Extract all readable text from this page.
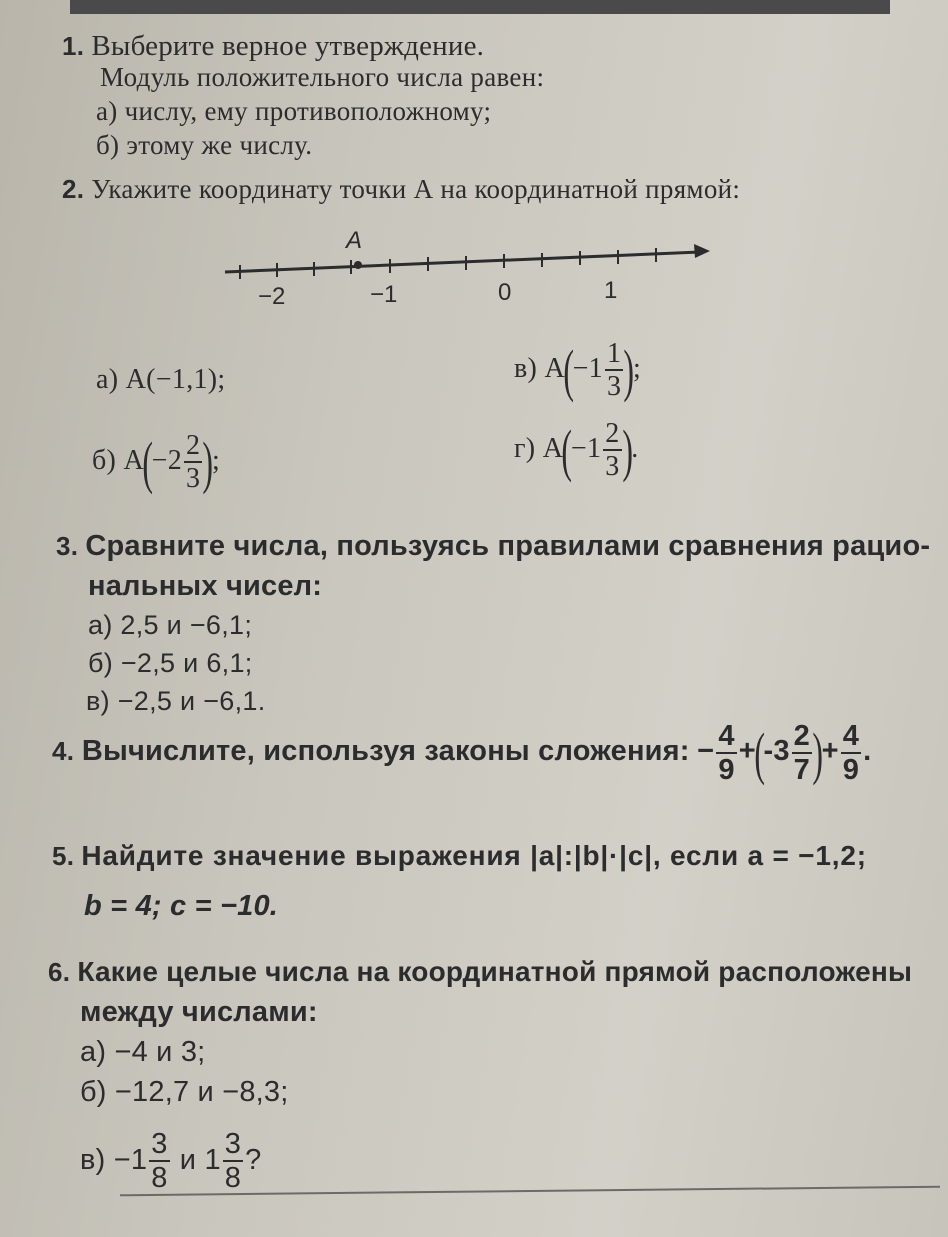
1. Выберите верное утверждение.
Модуль положительного числа равен:
а) числу, ему противоположному;
б) этому же числу.
2. Укажите координату точки А на координатной прямой:
A
−2	−1	0	1
а) A(−1,1);
б) $A(-2 \frac{2}{3}$ );
в) $A(-1 \frac{1}{3}$ );
г) $A(-1 \frac{2}{3}$ ).
3. Сравните числа, пользуясь правилами сравнения рацио-
нальных чисел:
а) 2,5 и −6,1;
б) −2,5 и 6,1;
в) −2,5 и −6,1.
4. Вычислите, используя законы сложения: − $\frac{4}{9} +(-3 \frac{2}{7}$ )+ $\frac{4}{9}$ .
5. Найдите значение выражения |a|:|b|·|c|, если a = −1,2;
b = 4; c = −10.
6. Какие целые числа на координатной прямой расположены
между числами:
а) −4 и 3;
б) −12,7 и −8,3;
$в) -1 \frac{3}{8}$ и $1 \frac{3}{8}$ ?
